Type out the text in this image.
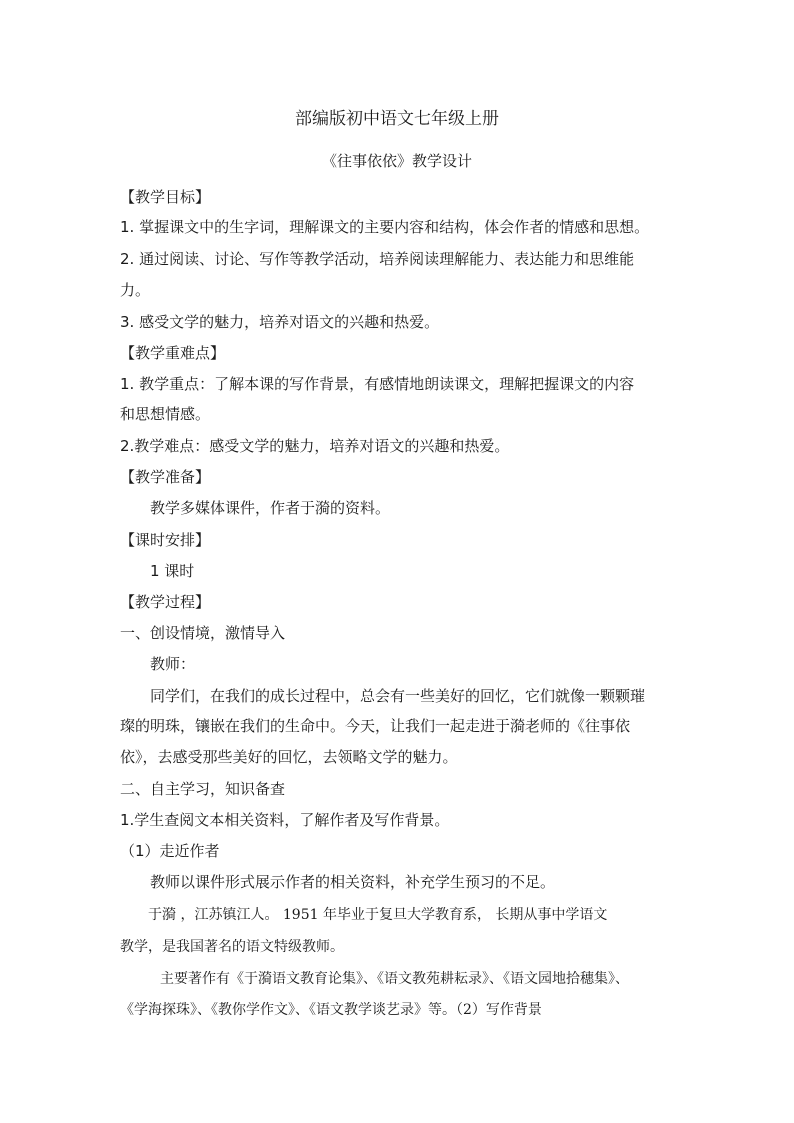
部编版初中语文七年级上册
《往事依依》教学设计
【教学目标】
1. 掌握课文中的生字词，理解课文的主要内容和结构，体会作者的情感和思想。
2. 通过阅读、讨论、写作等教学活动，培养阅读理解能力、表达能力和思维能
力。
3. 感受文学的魅力，培养对语文的兴趣和热爱。
【教学重难点】
1. 教学重点：了解本课的写作背景，有感情地朗读课文，理解把握课文的内容
和思想情感。
2.教学难点：感受文学的魅力，培养对语文的兴趣和热爱。
【教学准备】
教学多媒体课件，作者于漪的资料。
【课时安排】
1 课时
【教学过程】
一、创设情境，激情导入
教师：
同学们，在我们的成长过程中，总会有一些美好的回忆，它们就像一颗颗璀
璨的明珠，镶嵌在我们的生命中。今天，让我们一起走进于漪老师的《往事依
依》，去感受那些美好的回忆，去领略文学的魅力。
二、自主学习，知识备查
1.学生查阅文本相关资料，了解作者及写作背景。
（1）走近作者
教师以课件形式展示作者的相关资料，补充学生预习的不足。
于漪 ，江苏镇江人。 1951 年毕业于复旦大学教育系， 长期从事中学语文
教学，是我国著名的语文特级教师。
主要著作有《于漪语文教育论集》、《语文教苑耕耘录》、《语文园地拾穗集》、
《学海探珠》、《教你学作文》、《语文教学谈艺录》等。（2）写作背景
